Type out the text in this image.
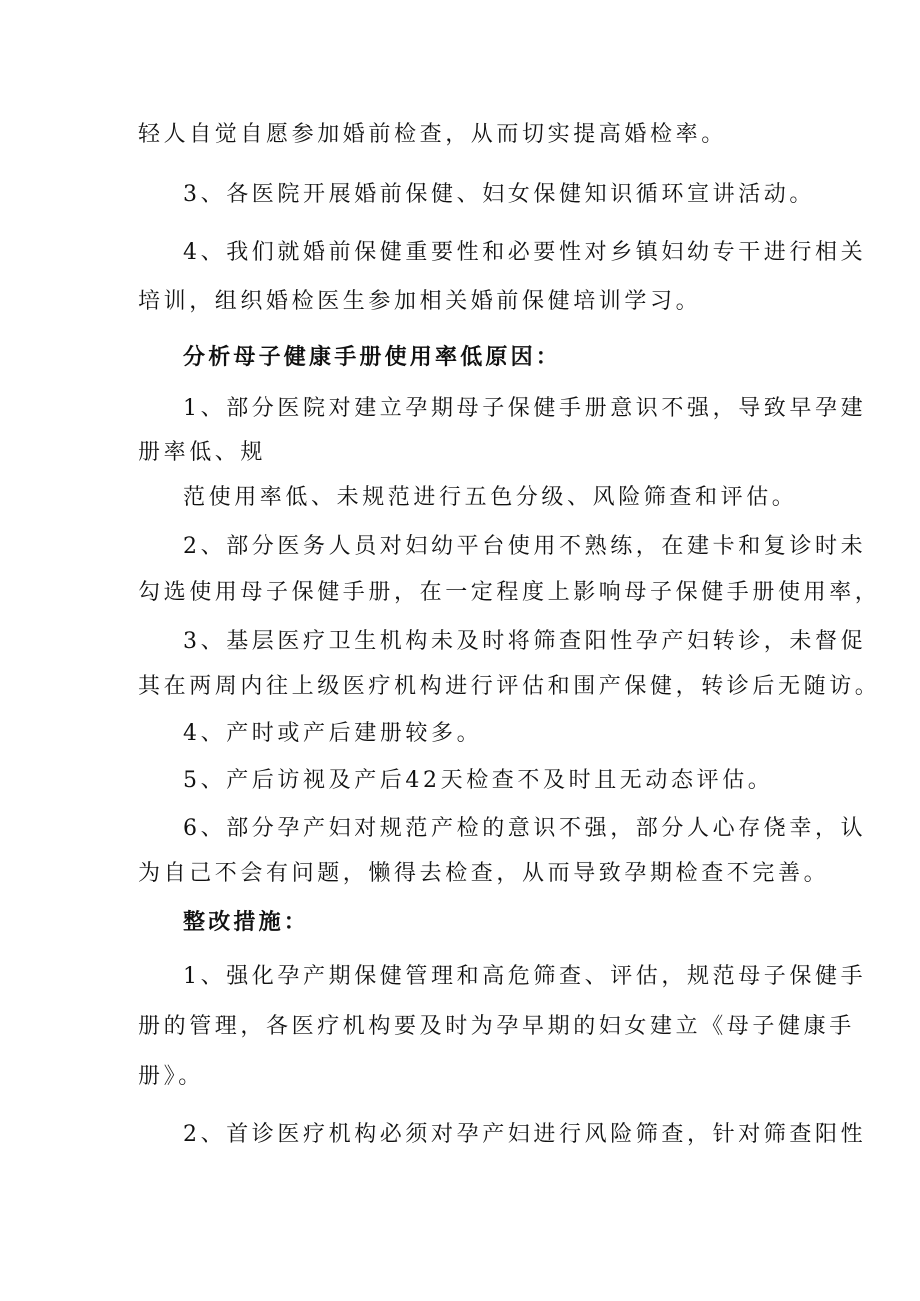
轻人自觉自愿参加婚前检查，从而切实提高婚检率。
3、各医院开展婚前保健、妇女保健知识循环宣讲活动。
4、我们就婚前保健重要性和必要性对乡镇妇幼专干进行相关
培训，组织婚检医生参加相关婚前保健培训学习。
分析母子健康手册使用率低原因：
1、部分医院对建立孕期母子保健手册意识不强，导致早孕建
册率低、规
范使用率低、未规范进行五色分级、风险筛查和评估。
2、部分医务人员对妇幼平台使用不熟练，在建卡和复诊时未
勾选使用母子保健手册，在一定程度上影响母子保健手册使用率，
3、基层医疗卫生机构未及时将筛查阳性孕产妇转诊，未督促
其在两周内往上级医疗机构进行评估和围产保健，转诊后无随访。
4、产时或产后建册较多。
5、产后访视及产后42天检查不及时且无动态评估。
6、部分孕产妇对规范产检的意识不强，部分人心存侥幸，认
为自己不会有问题，懒得去检查，从而导致孕期检查不完善。
整改措施：
1、强化孕产期保健管理和高危筛查、评估，规范母子保健手
册的管理，各医疗机构要及时为孕早期的妇女建立《母子健康手
册》。
2、首诊医疗机构必须对孕产妇进行风险筛查，针对筛查阳性
